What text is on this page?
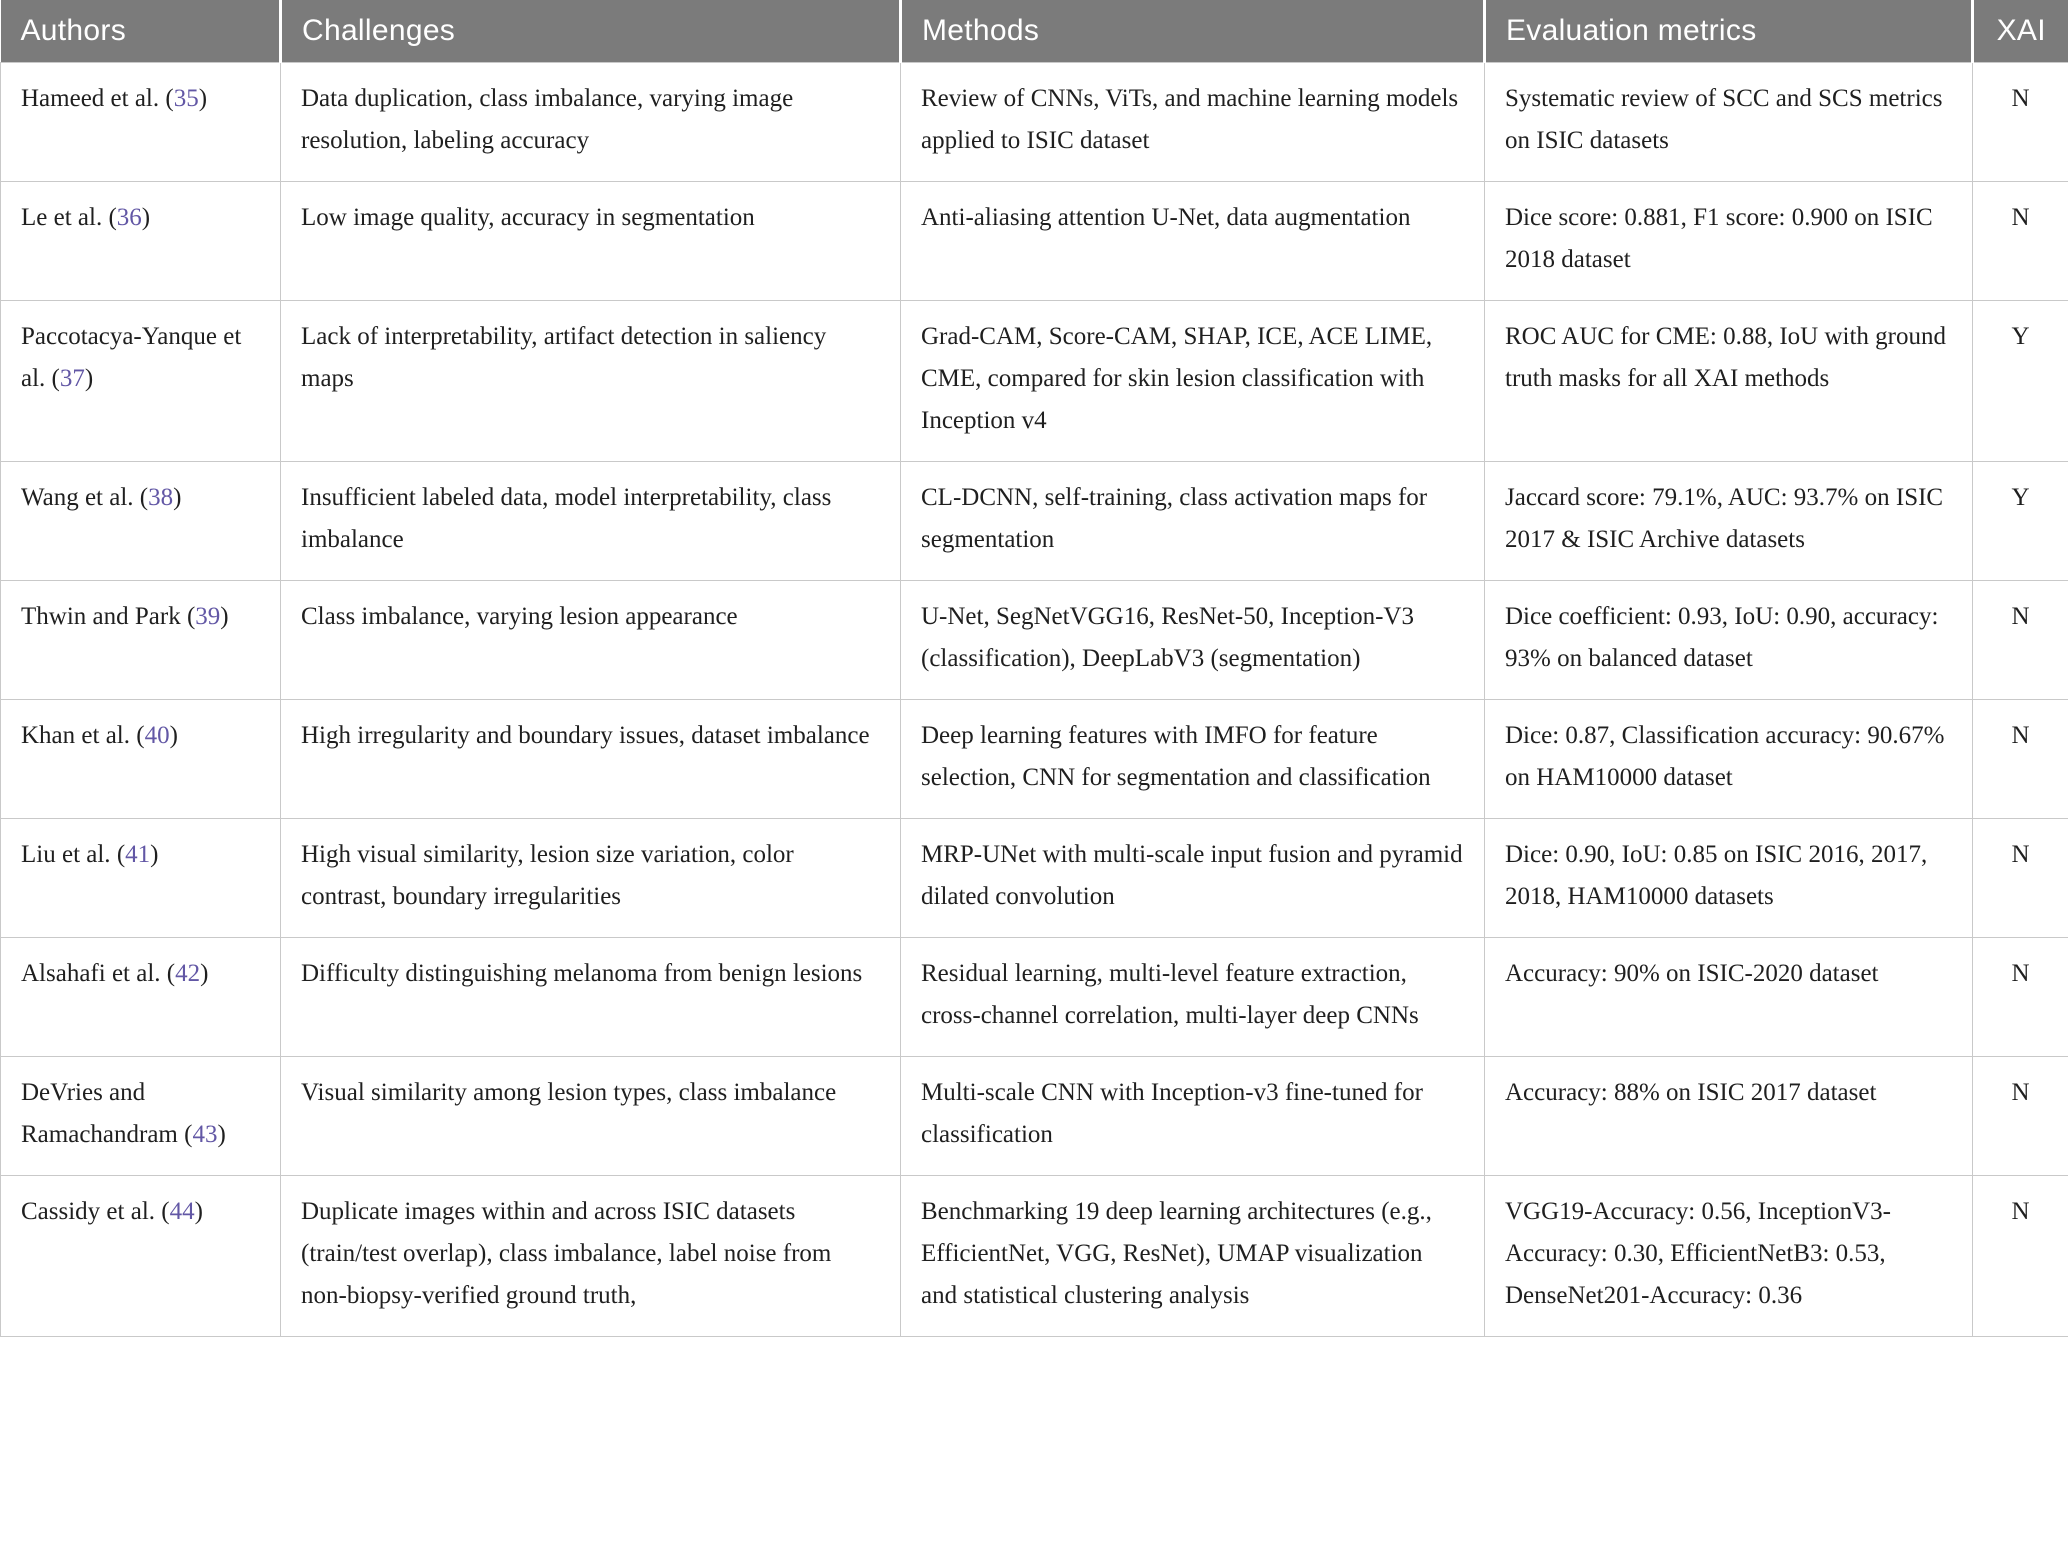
Authors	Challenges	Methods	Evaluation metrics	XAI
Hameed et al. (35)	Data duplication, class imbalance, varying image resolution, labeling accuracy	Review of CNNs, ViTs, and machine learning models applied to ISIC dataset	Systematic review of SCC and SCS metrics on ISIC datasets	N
Le et al. (36)	Low image quality, accuracy in segmentation	Anti-aliasing attention U-Net, data augmentation	Dice score: 0.881, F1 score: 0.900 on ISIC 2018 dataset	N
Paccotacya-Yanque et al. (37)	Lack of interpretability, artifact detection in saliency maps	Grad-CAM, Score-CAM, SHAP, ICE, ACE LIME, CME, compared for skin lesion classification with Inception v4	ROC AUC for CME: 0.88, IoU with ground truth masks for all XAI methods	Y
Wang et al. (38)	Insufficient labeled data, model interpretability, class imbalance	CL-DCNN, self-training, class activation maps for segmentation	Jaccard score: 79.1%, AUC: 93.7% on ISIC 2017 & ISIC Archive datasets	Y
Thwin and Park (39)	Class imbalance, varying lesion appearance	U-Net, SegNetVGG16, ResNet-50, Inception-V3 (classification), DeepLabV3 (segmentation)	Dice coefficient: 0.93, IoU: 0.90, accuracy: 93% on balanced dataset	N
Khan et al. (40)	High irregularity and boundary issues, dataset imbalance	Deep learning features with IMFO for feature selection, CNN for segmentation and classification	Dice: 0.87, Classification accuracy: 90.67% on HAM10000 dataset	N
Liu et al. (41)	High visual similarity, lesion size variation, color contrast, boundary irregularities	MRP-UNet with multi-scale input fusion and pyramid dilated convolution	Dice: 0.90, IoU: 0.85 on ISIC 2016, 2017, 2018, HAM10000 datasets	N
Alsahafi et al. (42)	Difficulty distinguishing melanoma from benign lesions	Residual learning, multi-level feature extraction, cross-channel correlation, multi-layer deep CNNs	Accuracy: 90% on ISIC-2020 dataset	N
DeVries and Ramachandram (43)	Visual similarity among lesion types, class imbalance	Multi-scale CNN with Inception-v3 fine-tuned for classification	Accuracy: 88% on ISIC 2017 dataset	N
Cassidy et al. (44)	Duplicate images within and across ISIC datasets (train/test overlap), class imbalance, label noise from non-biopsy-verified ground truth,	Benchmarking 19 deep learning architectures (e.g., EfficientNet, VGG, ResNet), UMAP visualization and statistical clustering analysis	VGG19-Accuracy: 0.56, InceptionV3-Accuracy: 0.30, EfficientNetB3: 0.53, DenseNet201-Accuracy: 0.36	N
